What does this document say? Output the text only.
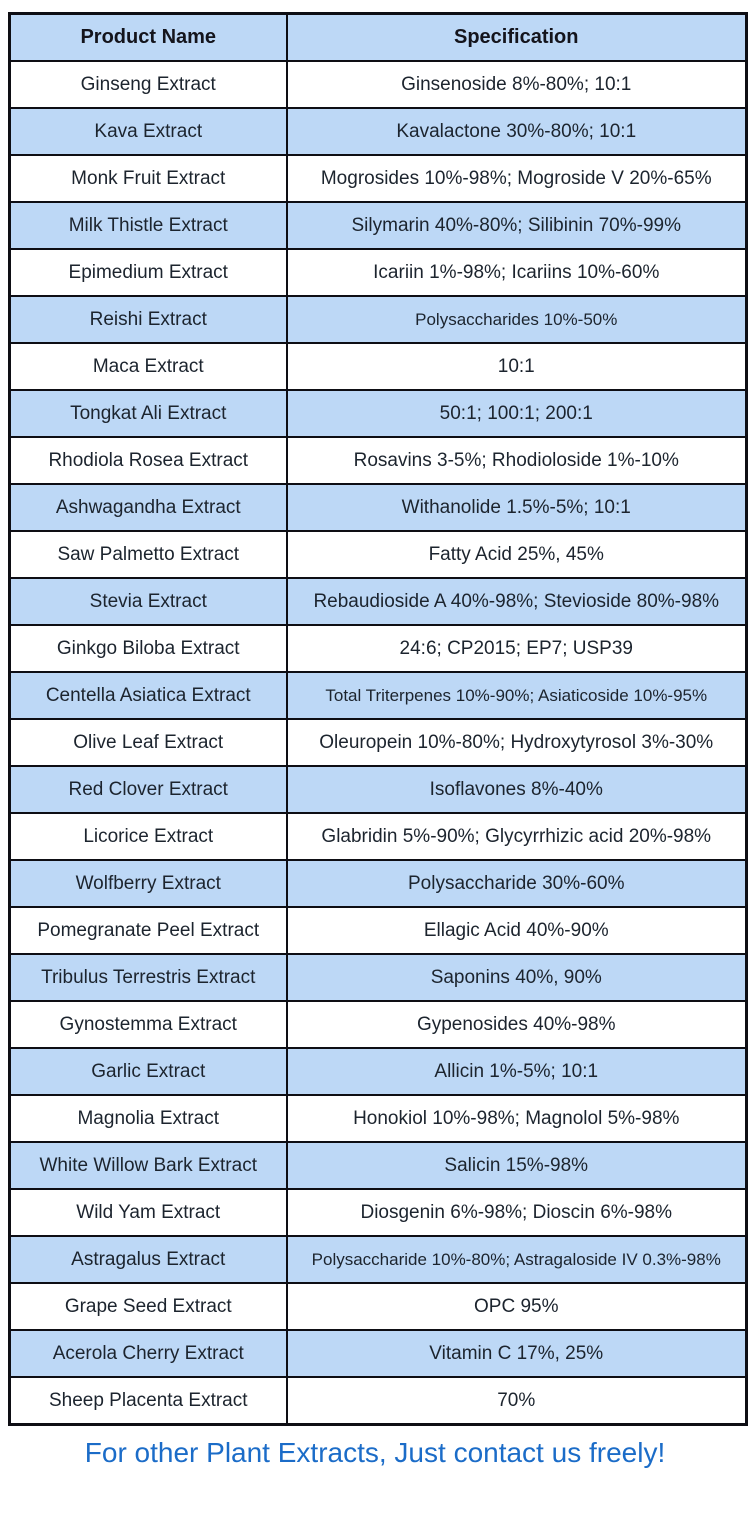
Product Name	Specification
Ginseng Extract	Ginsenoside 8%-80%; 10:1
Kava Extract	Kavalactone 30%-80%; 10:1
Monk Fruit Extract	Mogrosides 10%-98%; Mogroside V 20%-65%
Milk Thistle Extract	Silymarin 40%-80%; Silibinin 70%-99%
Epimedium Extract	Icariin 1%-98%; Icariins 10%-60%
Reishi Extract	Polysaccharides 10%-50%
Maca Extract	10:1
Tongkat Ali Extract	50:1; 100:1; 200:1
Rhodiola Rosea Extract	Rosavins 3-5%; Rhodioloside 1%-10%
Ashwagandha Extract	Withanolide 1.5%-5%; 10:1
Saw Palmetto Extract	Fatty Acid 25%, 45%
Stevia Extract	Rebaudioside A 40%-98%; Stevioside 80%-98%
Ginkgo Biloba Extract	24:6; CP2015; EP7; USP39
Centella Asiatica Extract	Total Triterpenes 10%-90%; Asiaticoside 10%-95%
Olive Leaf Extract	Oleuropein 10%-80%; Hydroxytyrosol 3%-30%
Red Clover Extract	Isoflavones 8%-40%
Licorice Extract	Glabridin 5%-90%; Glycyrrhizic acid 20%-98%
Wolfberry Extract	Polysaccharide 30%-60%
Pomegranate Peel Extract	Ellagic Acid 40%-90%
Tribulus Terrestris Extract	Saponins 40%, 90%
Gynostemma Extract	Gypenosides 40%-98%
Garlic Extract	Allicin 1%-5%; 10:1
Magnolia Extract	Honokiol 10%-98%; Magnolol 5%-98%
White Willow Bark Extract	Salicin 15%-98%
Wild Yam Extract	Diosgenin 6%-98%; Dioscin 6%-98%
Astragalus Extract	Polysaccharide 10%-80%; Astragaloside IV 0.3%-98%
Grape Seed Extract	OPC 95%
Acerola Cherry Extract	Vitamin C 17%, 25%
Sheep Placenta Extract	70%
For other Plant Extracts, Just contact us freely!
